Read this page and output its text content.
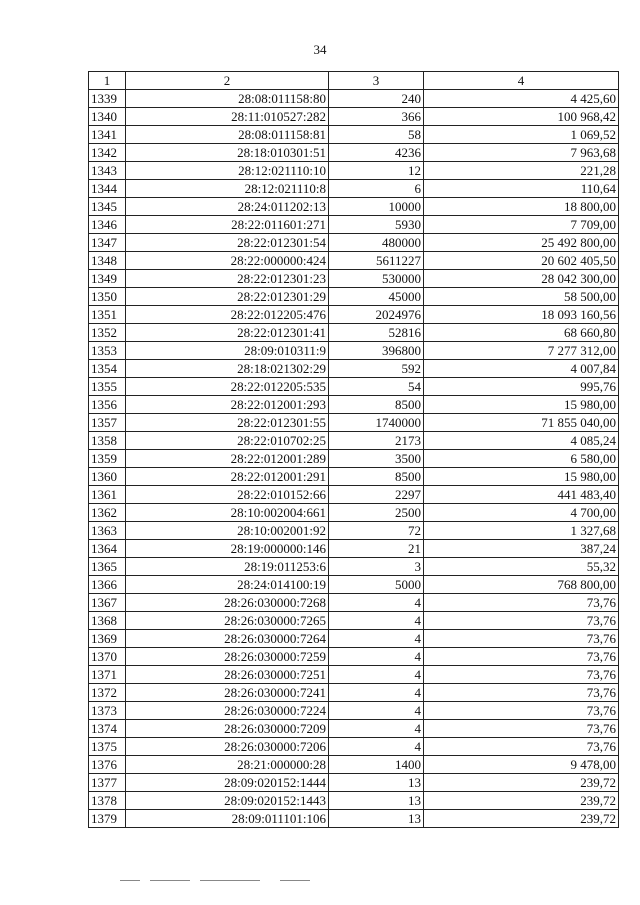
34
1	2	3	4
1339	28:08:011158:80	240	4 425,60
1340	28:11:010527:282	366	100 968,42
1341	28:08:011158:81	58	1 069,52
1342	28:18:010301:51	4236	7 963,68
1343	28:12:021110:10	12	221,28
1344	28:12:021110:8	6	110,64
1345	28:24:011202:13	10000	18 800,00
1346	28:22:011601:271	5930	7 709,00
1347	28:22:012301:54	480000	25 492 800,00
1348	28:22:000000:424	5611227	20 602 405,50
1349	28:22:012301:23	530000	28 042 300,00
1350	28:22:012301:29	45000	58 500,00
1351	28:22:012205:476	2024976	18 093 160,56
1352	28:22:012301:41	52816	68 660,80
1353	28:09:010311:9	396800	7 277 312,00
1354	28:18:021302:29	592	4 007,84
1355	28:22:012205:535	54	995,76
1356	28:22:012001:293	8500	15 980,00
1357	28:22:012301:55	1740000	71 855 040,00
1358	28:22:010702:25	2173	4 085,24
1359	28:22:012001:289	3500	6 580,00
1360	28:22:012001:291	8500	15 980,00
1361	28:22:010152:66	2297	441 483,40
1362	28:10:002004:661	2500	4 700,00
1363	28:10:002001:92	72	1 327,68
1364	28:19:000000:146	21	387,24
1365	28:19:011253:6	3	55,32
1366	28:24:014100:19	5000	768 800,00
1367	28:26:030000:7268	4	73,76
1368	28:26:030000:7265	4	73,76
1369	28:26:030000:7264	4	73,76
1370	28:26:030000:7259	4	73,76
1371	28:26:030000:7251	4	73,76
1372	28:26:030000:7241	4	73,76
1373	28:26:030000:7224	4	73,76
1374	28:26:030000:7209	4	73,76
1375	28:26:030000:7206	4	73,76
1376	28:21:000000:28	1400	9 478,00
1377	28:09:020152:1444	13	239,72
1378	28:09:020152:1443	13	239,72
1379	28:09:011101:106	13	239,72
